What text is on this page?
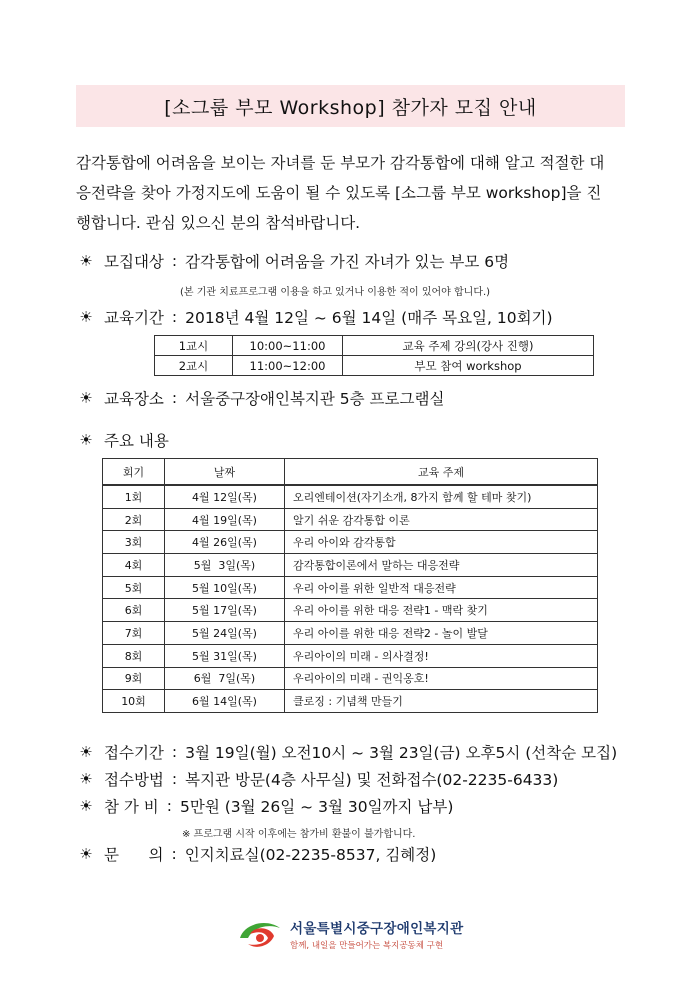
[소그룹 부모 Workshop] 참가자 모집 안내

감각통합에 어려움을 보이는 자녀를 둔 부모가 감각통합에 대해 알고 적절한 대

응전략을 찾아 가정지도에 도움이 될 수 있도록 [소그룹 부모 workshop]을 진

행합니다. 관심 있으신 분의 참석바랍니다.

☀ 모집대상 : 감각통합에 어려움을 가진 자녀가 있는 부모 6명
(본 기관 치료프로그램 이용을 하고 있거나 이용한 적이 있어야 합니다.)
☀ 교육기간 : 2018년 4월 12일 ~ 6월 14일 (매주 목요일, 10회기)
1교시	10:00~11:00	교육 주제 강의(강사 진행)
2교시	11:00~12:00	부모 참여 workshop
☀ 교육장소 : 서울중구장애인복지관 5층 프로그램실
☀ 주요 내용
회기	날짜	교육 주제
1회	4월 12일(목)	오리엔테이션(자기소개, 8가지 함께 할 테마 찾기)
2회	4월 19일(목)	알기 쉬운 감각통합 이론
3회	4월 26일(목)	우리 아이와 감각통합
4회	5월  3일(목)	감각통합이론에서 말하는 대응전략
5회	5월 10일(목)	우리 아이를 위한 일반적 대응전략
6회	5월 17일(목)	우리 아이를 위한 대응 전략1 - 맥락 찾기
7회	5월 24일(목)	우리 아이를 위한 대응 전략2 - 놀이 발달
8회	5월 31일(목)	우리아이의 미래 - 의사결정!
9회	6월  7일(목)	우리아이의 미래 - 권익옹호!
10회	6월 14일(목)	클로징 : 기념책 만들기
☀ 접수기간 : 3월 19일(월) 오전10시 ~ 3월 23일(금) 오후5시 (선착순 모집)
☀ 접수방법 : 복지관 방문(4층 사무실) 및 전화접수(02-2235-6433)
☀ 참 가 비 : 5만원 (3월 26일 ~ 3월 30일까지 납부)
※ 프로그램 시작 이후에는 참가비 환불이 불가합니다.
☀ 문      의 : 인지치료실(02-2235-8537, 김혜정)
서울특별시중구장애인복지관
함께, 내일을 만들어가는 복지공동체 구현
